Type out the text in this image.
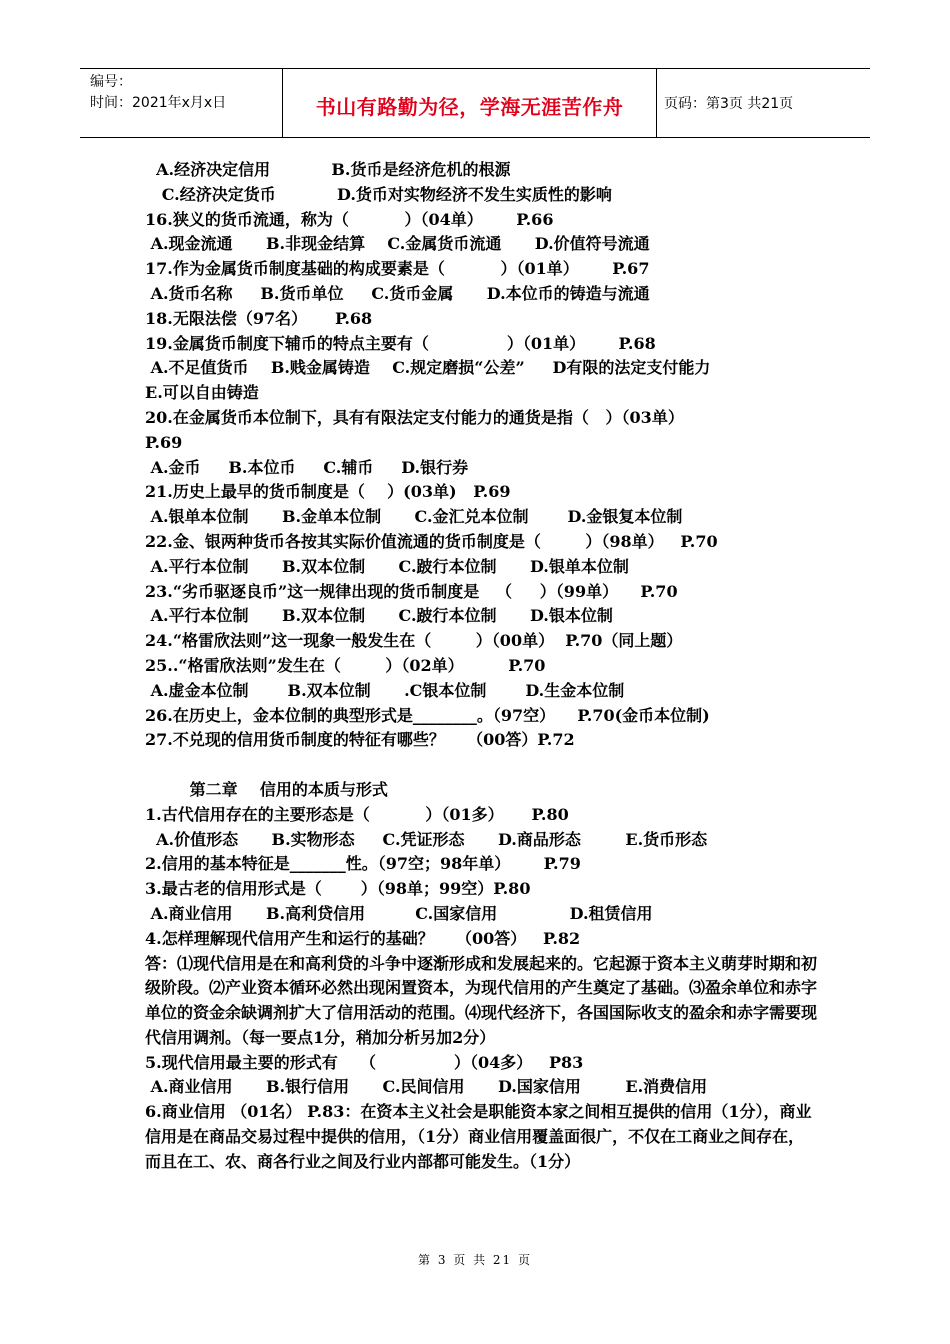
编号：
时间：2021年x月x日	书山有路勤为径，学海无涯苦作舟	页码：第3页 共21页
A.经济决定信用           B.货币是经济危机的根源
C.经济决定货币           D.货币对实物经济不发生实质性的影响
16.狭义的货币流通，称为（          ）（04单）      P.66
A.现金流通      B.非现金结算    C.金属货币流通      D.价值符号流通
17.作为金属货币制度基础的构成要素是（          ）（01单）      P.67
A.货币名称     B.货币单位     C.货币金属      D.本位币的铸造与流通
18.无限法偿（97名）     P.68
19.金属货币制度下辅币的特点主要有（              ）（01单）      P.68
A.不足值货币    B.贱金属铸造    C.规定磨损“公差”     D有限的法定支付能力
E.可以自由铸造
20.在金属货币本位制下，具有有限法定支付能力的通货是指（   ）（03单）
P.69
A.金币     B.本位币     C.辅币     D.银行券
21.历史上最早的货币制度是（    ）(03单)   P.69
A.银单本位制      B.金单本位制      C.金汇兑本位制       D.金银复本位制
22.金、银两种货币各按其实际价值流通的货币制度是（        ）（98单）   P.70
A.平行本位制      B.双本位制      C.跛行本位制      D.银单本位制
23.“劣币驱逐良币”这一规律出现的货币制度是   （     ）（99单）    P.70
A.平行本位制      B.双本位制      C.跛行本位制      D.银本位制
24.“格雷欣法则”这一现象一般发生在（        ）（00单）  P.70（同上题）
25..“格雷欣法则”发生在（        ）（02单）        P.70
A.虚金本位制       B.双本位制      .C银本位制       D.生金本位制
26.在历史上，金本位制的典型形式是________。（97空）    P.70(金币本位制)
27.不兑现的信用货币制度的特征有哪些？    （00答）P.72
第二章    信用的本质与形式
1.古代信用存在的主要形态是（          ）（01多）     P.80
A.价值形态      B.实物形态     C.凭证形态      D.商品形态        E.货币形态
2.信用的基本特征是_______性。（97空；98年单）      P.79
3.最古老的信用形式是（       ）（98单；99空）P.80
A.商业信用      B.高利贷信用         C.国家信用             D.租赁信用
4.怎样理解现代信用产生和运行的基础？    （00答）   P.82
答：⑴现代信用是在和高利贷的斗争中逐渐形成和发展起来的。它起源于资本主义萌芽时期和初级阶段。⑵产业资本循环必然出现闲置资本，为现代信用的产生奠定了基础。⑶盈余单位和赤字单位的资金余缺调剂扩大了信用活动的范围。⑷现代经济下，各国国际收支的盈余和赤字需要现代信用调剂。（每一要点1分，稍加分析另加2分）
5.现代信用最主要的形式有    （              ）（04多）   P83
A.商业信用      B.银行信用      C.民间信用      D.国家信用        E.消费信用
6.商业信用 （01名） P.83：在资本主义社会是职能资本家之间相互提供的信用（1分），商业信用是在商品交易过程中提供的信用，（1分）商业信用覆盖面很广，不仅在工商业之间存在，而且在工、农、商各行业之间及行业内部都可能发生。（1分）
第 3 页 共 21 页
